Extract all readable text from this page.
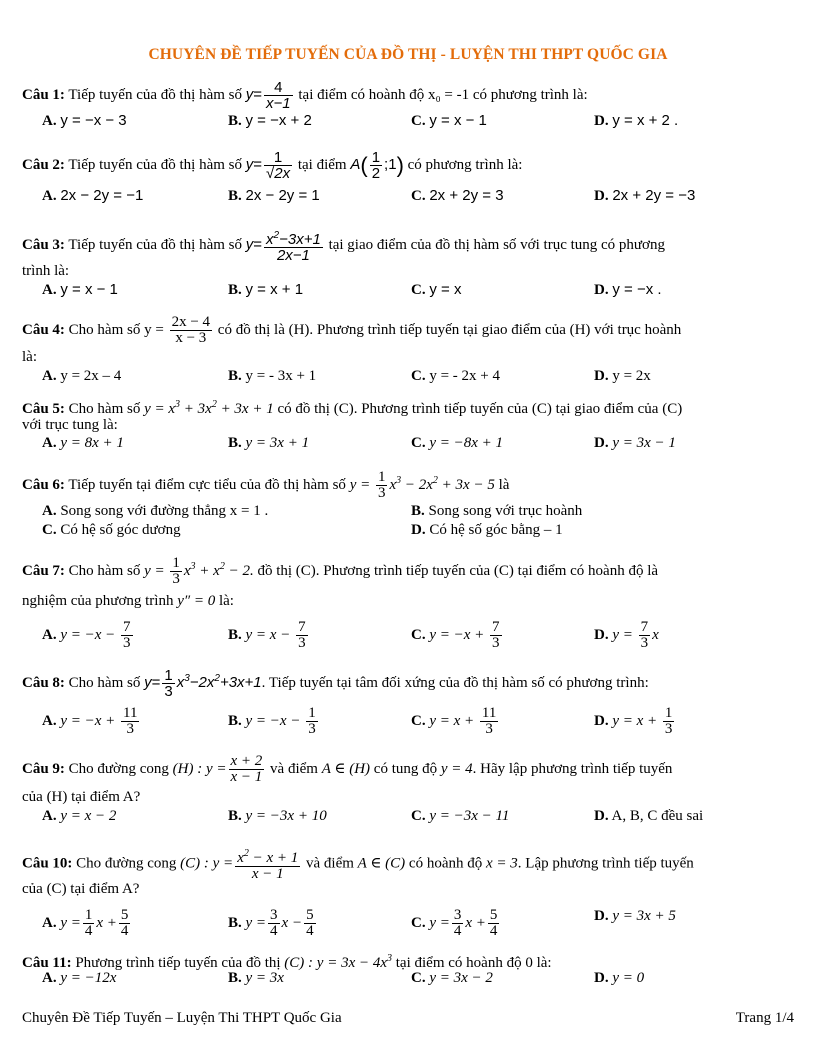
CHUYÊN ĐỀ TIẾP TUYẾN CỦA ĐỒ THỊ - LUYỆN THI THPT QUỐC GIA
Câu 1: Tiếp tuyến của đồ thị hàm số $y= \frac{4}{x-1}$ tại điểm có hoành độ x₀ = -1 có phương trình là:
A. y = −x − 3	B. y = −x + 2	C. y = x − 1	D. y = x + 2 .
Câu 2: Tiếp tuyến của đồ thị hàm số $y= \frac{1}{√2x}$ tại điểm $A( \frac{1}{2}$ ;1) có phương trình là:
A. 2x − 2y = −1	B. 2x − 2y = 1	C. 2x + 2y = 3	D. 2x + 2y = −3
Câu 3: Tiếp tuyến của đồ thị hàm số $y= \frac{x^2-3x+1}{2x-1}$ tại giao điểm của đồ thị hàm số với trục tung có phương
trình là:
A. y = x − 1	B. y = x + 1	C. y = x	D. y = −x .
Câu 4: Cho hàm số $y = \frac{2x - 4}{x - 3}$ có đồ thị là (H). Phương trình tiếp tuyến tại giao điểm của (H) với trục hoành
là:
A. y = 2x – 4	B. y = - 3x + 1	C. y = - 2x + 4	D. y = 2x
Câu 5: Cho hàm số $y = x^3 + 3x^2 + 3x + 1$ có đồ thị (C). Phương trình tiếp tuyến của (C) tại giao điểm của (C)
với trục tung là:
A. y = 8x + 1	B. y = 3x + 1	C. y = −8x + 1	D. y = 3x − 1
Câu 6: Tiếp tuyến tại điểm cực tiểu của đồ thị hàm số $y = \frac{1}{3} x^3 - 2x^2 + 3x - 5$ là
A. Song song với đường thẳng x = 1 .	B. Song song với trục hoành
C. Có hệ số góc dương	D. Có hệ số góc bằng – 1
Câu 7: Cho hàm số $y = \frac{1}{3} x^3 + x^2 - 2$. đồ thị (C). Phương trình tiếp tuyến của (C) tại điểm có hoành độ là
nghiệm của phương trình y″ = 0 là:
A. $y = -x - \frac{7}{3}$	B. $y = x - \frac{7}{3}$	C. $y = -x + \frac{7}{3}$	D. $y = \frac{7}{3}$ x
Câu 8: Cho hàm số $y= \frac{1}{3} x^3-2x^2+3x+1$. Tiếp tuyến tại tâm đối xứng của đồ thị hàm số có phương trình:
A. $y = -x + \frac{11}{3}$	B. $y = -x - \frac{1}{3}$	C. $y = x + \frac{11}{3}$	D. $y = x + \frac{1}{3}$
Câu 9: Cho đường cong (H) : $y = \frac{x + 2}{x - 1}$ và điểm A ∈ (H) có tung độ y = 4. Hãy lập phương trình tiếp tuyến
của (H) tại điểm A?
A. y = x − 2	B. y = −3x + 10	C. y = −3x − 11	D. A, B, C đều sai
Câu 10: Cho đường cong (C) : $y = \frac{x^2 - x + 1}{x - 1}$ và điểm A ∈ (C) có hoành độ x = 3. Lập phương trình tiếp tuyến
của (C) tại điểm A?
A. $y = \frac{1}{4}$ $x + \frac{5}{4}$	B. $y = \frac{3}{4}$ $x - \frac{5}{4}$	C. $y = \frac{3}{4}$ $x + \frac{5}{4}$	D. y = 3x + 5
Câu 11: Phương trình tiếp tuyến của đồ thị (C) : $y = 3x - 4x^3$ tại điểm có hoành độ 0 là:
A. y = −12x	B. y = 3x	C. y = 3x − 2	D. y = 0
Chuyên Đề Tiếp Tuyến – Luyện Thi THPT Quốc Gia	Trang 1/4
